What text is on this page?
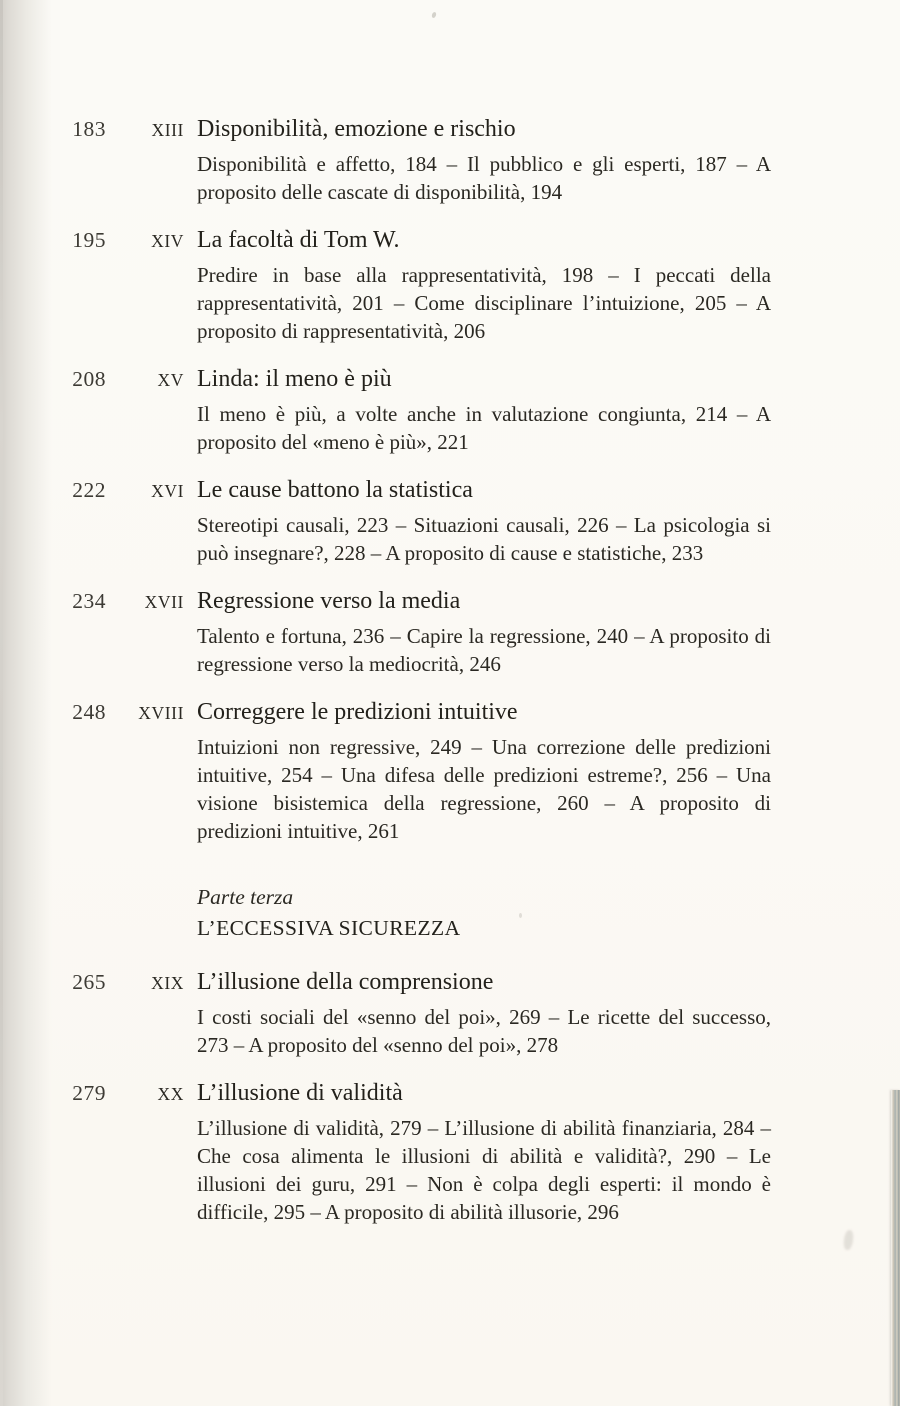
183	XIII Disponibilità, emozione e rischio
Disponibilità e affetto, 184 – Il pubblico e gli esperti, 187 – A proposito delle cascate di disponibilità, 194
195	XIV La facoltà di Tom W.
Predire in base alla rappresentatività, 198 – I peccati della rappresentatività, 201 – Come disciplinare l’intuizione, 205 – A proposito di rappresentatività, 206
208	XV Linda: il meno è più
Il meno è più, a volte anche in valutazione congiunta, 214 – A proposito del «meno è più», 221
222	XVI Le cause battono la statistica
Stereotipi causali, 223 – Situazioni causali, 226 – La psicologia si può insegnare?, 228 – A proposito di cause e statistiche, 233
234	XVII Regressione verso la media
Talento e fortuna, 236 – Capire la regressione, 240 – A proposito di regressione verso la mediocrità, 246
248	XVIII Correggere le predizioni intuitive
Intuizioni non regressive, 249 – Una correzione delle predizioni intuitive, 254 – Una difesa delle predizioni estreme?, 256 – Una visione bisistemica della regressione, 260 – A proposito di predizioni intuitive, 261
Parte terza
L’ECCESSIVA SICUREZZA
265	XIX L’illusione della comprensione
I costi sociali del «senno del poi», 269 – Le ricette del successo, 273 – A proposito del «senno del poi», 278
279	XX L’illusione di validità
L’illusione di validità, 279 – L’illusione di abilità finanziaria, 284 – Che cosa alimenta le illusioni di abilità e validità?, 290 – Le illusioni dei guru, 291 – Non è colpa degli esperti: il mondo è difficile, 295 – A proposito di abilità illusorie, 296
